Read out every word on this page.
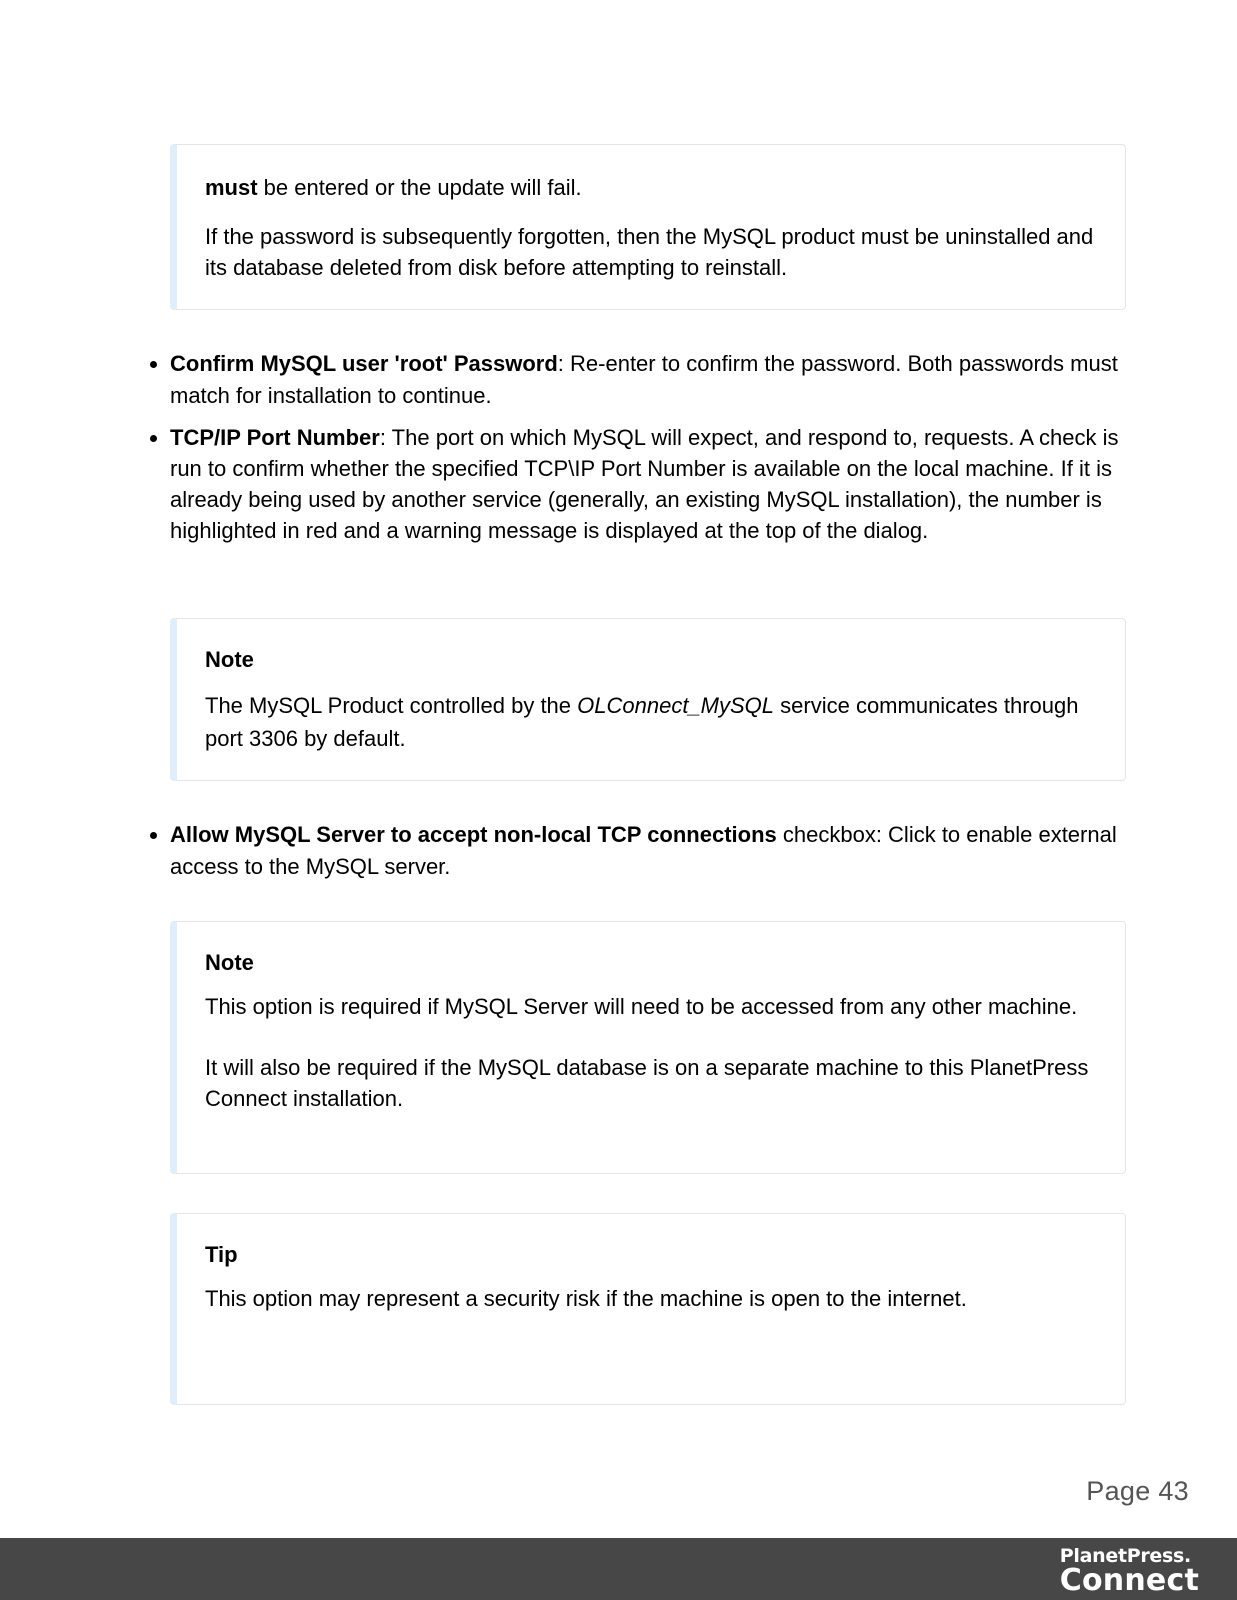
must be entered or the update will fail.

If the password is subsequently forgotten, then the MySQL product must be uninstalled and its database deleted from disk before attempting to reinstall.

• Confirm MySQL user 'root' Password: Re-enter to confirm the password. Both passwords must match for installation to continue.
• TCP/IP Port Number: The port on which MySQL will expect, and respond to, requests. A check is run to confirm whether the specified TCP\IP Port Number is available on the local machine. If it is already being used by another service (generally, an existing MySQL installation), the number is highlighted in red and a warning message is displayed at the top of the dialog.

Note

The MySQL Product controlled by the OLConnect_MySQL service communicates through port 3306 by default.

• Allow MySQL Server to accept non-local TCP connections checkbox: Click to enable external access to the MySQL server.

Note

This option is required if MySQL Server will need to be accessed from any other machine.

It will also be required if the MySQL database is on a separate machine to this PlanetPress Connect installation.

Tip

This option may represent a security risk if the machine is open to the internet.

Page 43
PlanetPress.
Connect
